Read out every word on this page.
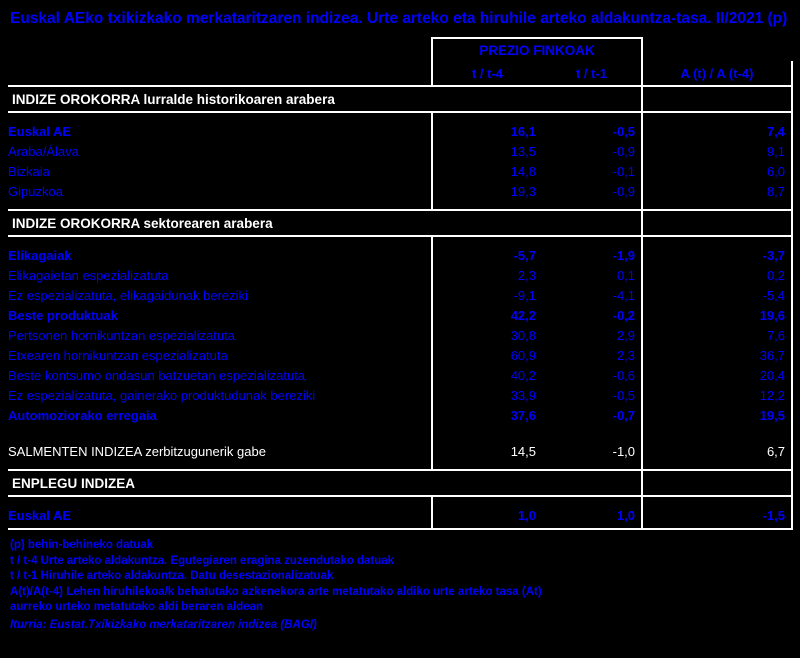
Euskal AEko txikizkako merkataritzaren indizea. Urte arteko eta hiruhile arteko aldakuntza-tasa. II/2021 (p)
	PREZIO FINKOAK		
	t / t-4	t / t-1	A (t) / A (t-4)
INDIZE OROKORRA lurralde historikoaren arabera			

Euskal AE	16,1	-0,5	7,4
Araba/Álava	13,5	-0,9	9,1
Bizkaia	14,8	-0,1	6,0
Gipuzkoa	19,3	-0,9	8,7

INDIZE OROKORRA sektorearen arabera			

Elikagaiak	-5,7	-1,9	-3,7
Elikagaietan espezializatuta	2,3	0,1	0,2
Ez espezializatuta, elikagaidunak bereziki	-9,1	-4,1	-5,4
Beste produktuak	42,2	-0,2	19,6
Pertsonen hornikuntzan espezializatuta	30,8	2,9	7,6
Etxearen hornikuntzan espezializatuta	60,9	2,3	36,7
Beste kontsumo ondasun batzuetan espezializatuta	40,2	-0,6	20,4
Ez espezializatuta, gainerako produktudunak bereziki	33,9	-0,5	12,2
Automoziorako erregaia	37,6	-0,7	19,5

SALMENTEN INDIZEA zerbitzugunerik gabe	14,5	-1,0	6,7

ENPLEGU INDIZEA			

Euskal AE	1,0	1,0	-1,5

(p) behin-behineko datuak
t / t-4 Urte arteko aldakuntza. Egutegiaren eragina zuzendutako datuak
t / t-1 Hiruhile arteko aldakuntza. Datu desestazionalizatuak
A(t)/A(t-4) Lehen hiruhilekoa/k behatutako azkenekora arte metatutako aldiko urte arteko tasa (At)
aurreko urteko metatutako aldi beraren aldean
Iturria: Eustat.Txikizkako merkataritzaren indizea (BAGI)
